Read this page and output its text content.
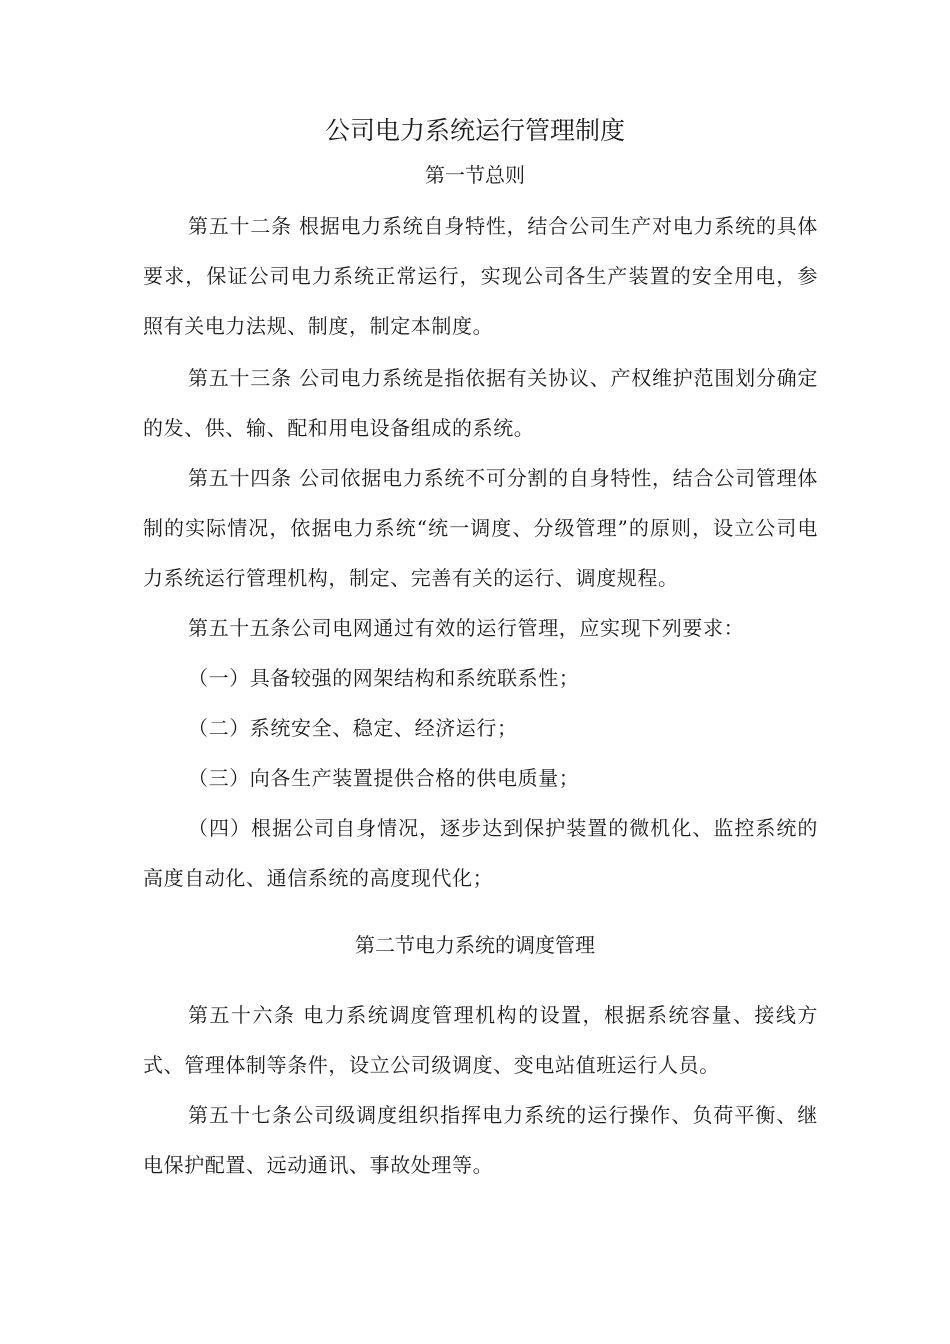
公司电力系统运行管理制度
第一节总则

第五十二条 根据电力系统自身特性，结合公司生产对电力系统的具体要求，保证公司电力系统正常运行，实现公司各生产装置的安全用电，参照有关电力法规、制度，制定本制度。

第五十三条 公司电力系统是指依据有关协议、产权维护范围划分确定的发、供、输、配和用电设备组成的系统。

第五十四条 公司依据电力系统不可分割的自身特性，结合公司管理体制的实际情况，依据电力系统“统一调度、分级管理”的原则，设立公司电力系统运行管理机构，制定、完善有关的运行、调度规程。

第五十五条公司电网通过有效的运行管理，应实现下列要求：

（一）具备较强的网架结构和系统联系性；

（二）系统安全、稳定、经济运行；

（三）向各生产装置提供合格的供电质量；

（四）根据公司自身情况，逐步达到保护装置的微机化、监控系统的高度自动化、通信系统的高度现代化；

第二节电力系统的调度管理

第五十六条 电力系统调度管理机构的设置，根据系统容量、接线方式、管理体制等条件，设立公司级调度、变电站值班运行人员。

第五十七条公司级调度组织指挥电力系统的运行操作、负荷平衡、继电保护配置、远动通讯、事故处理等。
